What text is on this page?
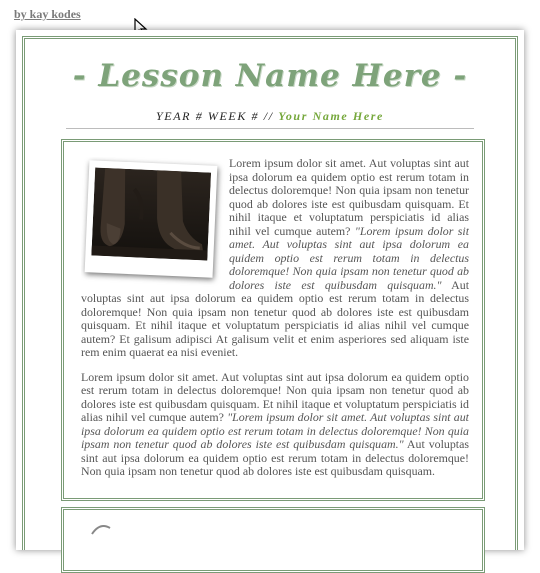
by kay kodes
- Lesson Name Here -
YEAR # WEEK # // Your Name Here

Lorem ipsum dolor sit amet. Aut voluptas sint aut ipsa dolorum ea quidem optio est rerum totam in delectus doloremque! Non quia ipsam non tenetur quod ab dolores iste est quibusdam quisquam. Et nihil itaque et voluptatum perspiciatis id alias nihil vel cumque autem? "Lorem ipsum dolor sit amet. Aut voluptas sint aut ipsa dolorum ea quidem optio est rerum totam in delectus doloremque! Non quia ipsam non tenetur quod ab dolores iste est quibusdam quisquam." Aut voluptas sint aut ipsa dolorum ea quidem optio est rerum totam in delectus doloremque! Non quia ipsam non tenetur quod ab dolores iste est quibusdam quisquam. Et nihil itaque et voluptatum perspiciatis id alias nihil vel cumque autem? Et galisum adipisci At galisum velit et enim asperiores sed aliquam iste rem enim quaerat ea nisi eveniet.

Lorem ipsum dolor sit amet. Aut voluptas sint aut ipsa dolorum ea quidem optio est rerum totam in delectus doloremque! Non quia ipsam non tenetur quod ab dolores iste est quibusdam quisquam. Et nihil itaque et voluptatum perspiciatis id alias nihil vel cumque autem? "Lorem ipsum dolor sit amet. Aut voluptas sint aut ipsa dolorum ea quidem optio est rerum totam in delectus doloremque! Non quia ipsam non tenetur quod ab dolores iste est quibusdam quisquam." Aut voluptas sint aut ipsa dolorum ea quidem optio est rerum totam in delectus doloremque! Non quia ipsam non tenetur quod ab dolores iste est quibusdam quisquam.
